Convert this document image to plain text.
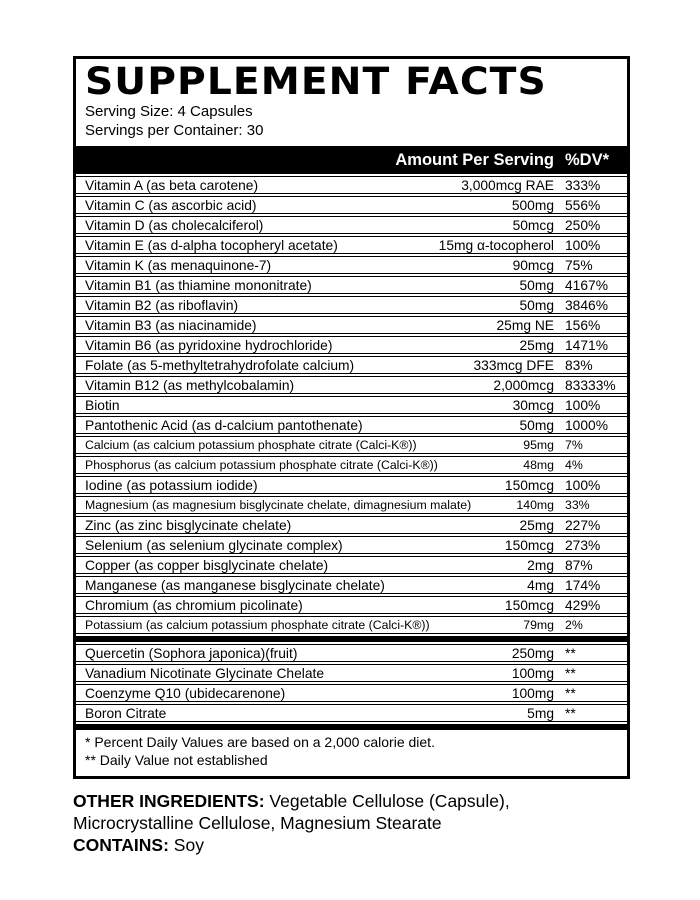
SUPPLEMENT FACTS
Serving Size: 4 Capsules
Servings per Container: 30
Amount Per Serving %DV*
Vitamin A (as beta carotene)	3,000mcg RAE 333%
Vitamin C (as ascorbic acid)	500mg 556%
Vitamin D (as cholecalciferol)	50mcg 250%
Vitamin E (as d-alpha tocopheryl acetate)	15mg α-tocopherol 100%
Vitamin K (as menaquinone-7)	90mcg 75%
Vitamin B1 (as thiamine mononitrate)	50mg 4167%
Vitamin B2 (as riboflavin)	50mg 3846%
Vitamin B3 (as niacinamide)	25mg NE 156%
Vitamin B6 (as pyridoxine hydrochloride)	25mg 1471%
Folate (as 5-methyltetrahydrofolate calcium)	333mcg DFE 83%
Vitamin B12 (as methylcobalamin)	2,000mcg 83333%
Biotin	30mcg 100%
Pantothenic Acid (as d-calcium pantothenate)	50mg 1000%
Calcium (as calcium potassium phosphate citrate (Calci-K®))	95mg 7%
Phosphorus (as calcium potassium phosphate citrate (Calci-K®))	48mg 4%
Iodine (as potassium iodide)	150mcg 100%
Magnesium (as magnesium bisglycinate chelate, dimagnesium malate)	140mg 33%
Zinc (as zinc bisglycinate chelate)	25mg 227%
Selenium (as selenium glycinate complex)	150mcg 273%
Copper (as copper bisglycinate chelate)	2mg 87%
Manganese (as manganese bisglycinate chelate)	4mg 174%
Chromium (as chromium picolinate)	150mcg 429%
Potassium (as calcium potassium phosphate citrate (Calci-K®))	79mg 2%
Quercetin (Sophora japonica)(fruit)	250mg **
Vanadium Nicotinate Glycinate Chelate	100mg **
Coenzyme Q10 (ubidecarenone)	100mg **
Boron Citrate	5mg **
* Percent Daily Values are based on a 2,000 calorie diet.
** Daily Value not established
OTHER INGREDIENTS: Vegetable Cellulose (Capsule), Microcrystalline Cellulose, Magnesium Stearate
CONTAINS: Soy
